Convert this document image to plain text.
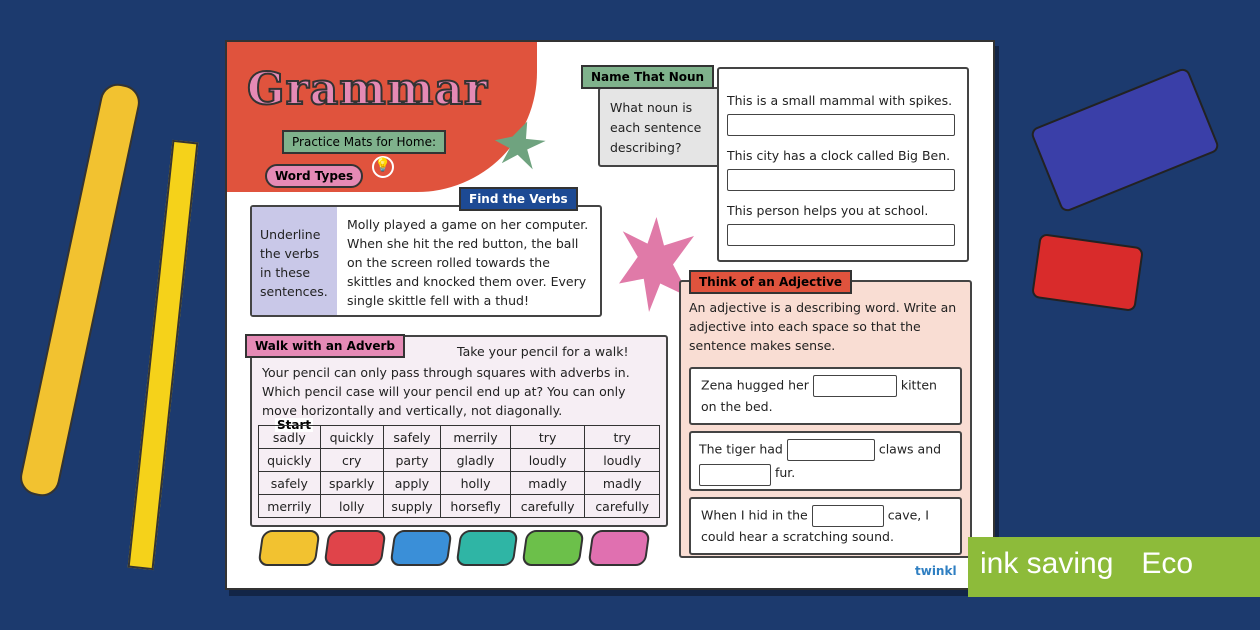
Grammar
Practice Mats for Home:
Word Types
💡
What noun is each sentence describing?
This is a small mammal with spikes.
This city has a clock called Big Ben.
This person helps you at school.
Name That Noun
Underline the verbs in these sentences.
Molly played a game on her computer. When she hit the red button, the ball on the screen rolled towards the skittles and knocked them over. Every single skittle fell with a thud!
Find the Verbs
Take your pencil for a walk!
Your pencil can only pass through squares with adverbs in. Which pencil case will your pencil end up at? You can only move horizontally and vertically, not diagonally.
Walk with an Adverb
Start
An adjective is a describing word. Write an adjective into each space so that the sentence makes sense.
Zena hugged her	kitten
on the bed.
The tiger had	claws and
fur.
When I hid in the	cave, I
could hear a scratching sound.
Think of an Adjective
twinkl
sadly	quickly	safely	merrily	try	try
quickly	cry	party	gladly	loudly	loudly
safely	sparkly	apply	holly	madly	madly
merrily	lolly	supply	horsefly	carefully	carefully
ink saving Eco
